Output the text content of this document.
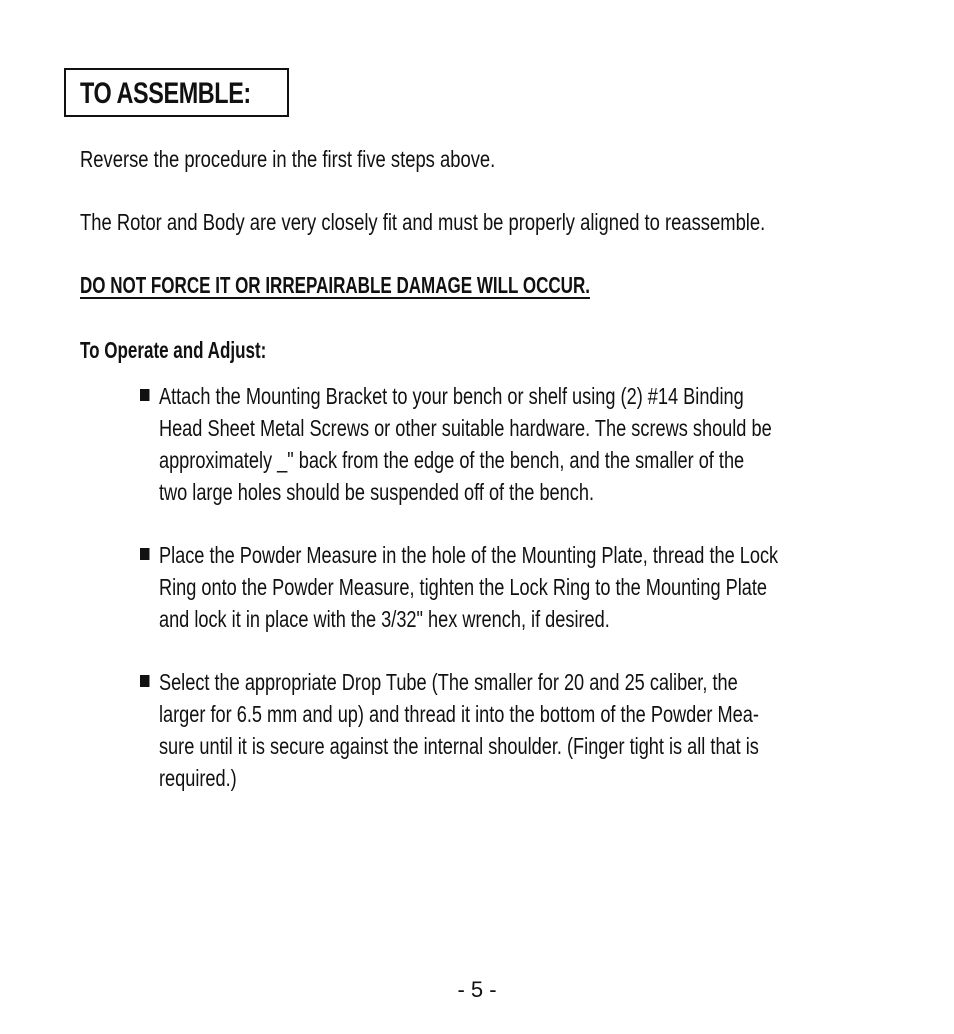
TO ASSEMBLE:
Reverse the procedure in the first five steps above.
The Rotor and Body are very closely fit and must be properly aligned to reassemble.
DO NOT FORCE IT OR IRREPAIRABLE DAMAGE WILL OCCUR.
To Operate and Adjust:
Attach the Mounting Bracket to your bench or shelf using (2) #14 Binding
Head Sheet Metal Screws or other suitable hardware. The screws should be
approximately _" back from the edge of the bench, and the smaller of the
two large holes should be suspended off of the bench.
Place the Powder Measure in the hole of the Mounting Plate, thread the Lock
Ring onto the Powder Measure, tighten the Lock Ring to the Mounting Plate
and lock it in place with the 3/32" hex wrench, if desired.
Select the appropriate Drop Tube (The smaller for 20 and 25 caliber, the
larger for 6.5 mm and up) and thread it into the bottom of the Powder Mea-
sure until it is secure against the internal shoulder. (Finger tight is all that is
required.)
- 5 -
